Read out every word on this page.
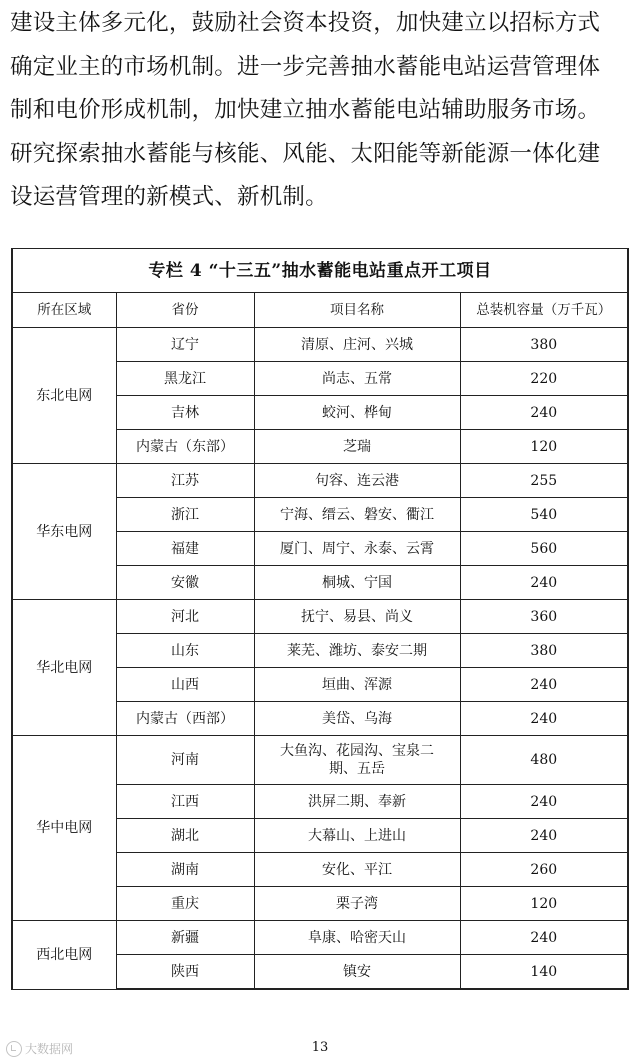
建设主体多元化，鼓励社会资本投资，加快建立以招标方式

确定业主的市场机制。进一步完善抽水蓄能电站运营管理体

制和电价形成机制，加快建立抽水蓄能电站辅助服务市场。

研究探索抽水蓄能与核能、风能、太阳能等新能源一体化建

设运营管理的新模式、新机制。

专栏 4 “十三五”抽水蓄能电站重点开工项目			
所在区域	省份	项目名称	总装机容量（万千瓦）
东北电网	辽宁	清原、庄河、兴城	380
	黑龙江	尚志、五常	220
	吉林	蛟河、桦甸	240
	内蒙古（东部）	芝瑞	120
华东电网	江苏	句容、连云港	255
	浙江	宁海、缙云、磐安、衢江	540
	福建	厦门、周宁、永泰、云霄	560
	安徽	桐城、宁国	240
华北电网	河北	抚宁、易县、尚义	360
	山东	莱芜、潍坊、泰安二期	380
	山西	垣曲、浑源	240
	内蒙古（西部）	美岱、乌海	240
华中电网	河南	大鱼沟、花园沟、宝泉二期、五岳	480
	江西	洪屏二期、奉新	240
	湖北	大幕山、上进山	240
	湖南	安化、平江	260
	重庆	栗子湾	120
西北电网	新疆	阜康、哈密天山	240
	陕西	镇安	140
大数据网	13
